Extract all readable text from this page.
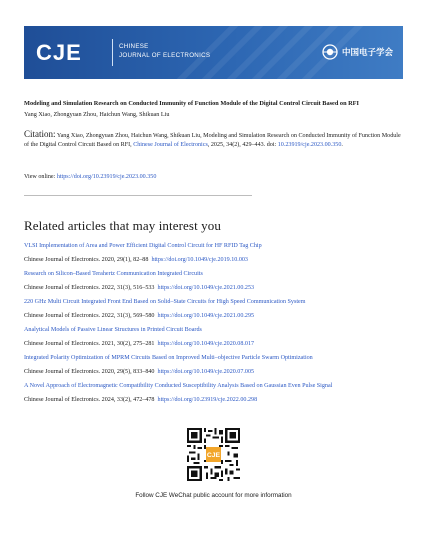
CJE	CHINESE
JOURNAL OF ELECTRONICS	中国电子学会
Modeling and Simulation Research on Conducted Immunity of Function Module of the Digital Control Circuit Based on RFI
Yang Xiao, Zhongyuan Zhou, Haichun Wang, Shikuan Liu
Citation: Yang Xiao, Zhongyuan Zhou, Haichun Wang, Shikuan Liu, Modeling and Simulation Research on Conducted Immunity of Function Module of the Digital Control Circuit Based on RFI, Chinese Journal of Electronics, 2025, 34(2), 429–443. doi: 10.23919/cje.2023.00.350.
View online: https://doi.org/10.23919/cje.2023.00.350
Related articles that may interest you
VLSI Implementation of Area and Power Efficient Digital Control Circuit for HF RFID Tag Chip
Chinese Journal of Electronics. 2020, 29(1), 82–88 https://doi.org/10.1049/cje.2019.10.003
Research on Silicon–Based Terahertz Communication Integrated Circuits
Chinese Journal of Electronics. 2022, 31(3), 516–533 https://doi.org/10.1049/cje.2021.00.253
220 GHz Multi Circuit Integrated Front End Based on Solid–State Circuits for High Speed Communication System
Chinese Journal of Electronics. 2022, 31(3), 569–580 https://doi.org/10.1049/cje.2021.00.295
Analytical Models of Passive Linear Structures in Printed Circuit Boards
Chinese Journal of Electronics. 2021, 30(2), 275–281 https://doi.org/10.1049/cje.2020.08.017
Integrated Polarity Optimization of MPRM Circuits Based on Improved Multi–objective Particle Swarm Optimization
Chinese Journal of Electronics. 2020, 29(5), 833–840 https://doi.org/10.1049/cje.2020.07.005
A Novel Approach of Electromagnetic Compatibility Conducted Susceptibility Analysis Based on Gaussian Even Pulse Signal
Chinese Journal of Electronics. 2024, 33(2), 472–478 https://doi.org/10.23919/cje.2022.00.298
CJE
Follow CJE WeChat public account for more information
